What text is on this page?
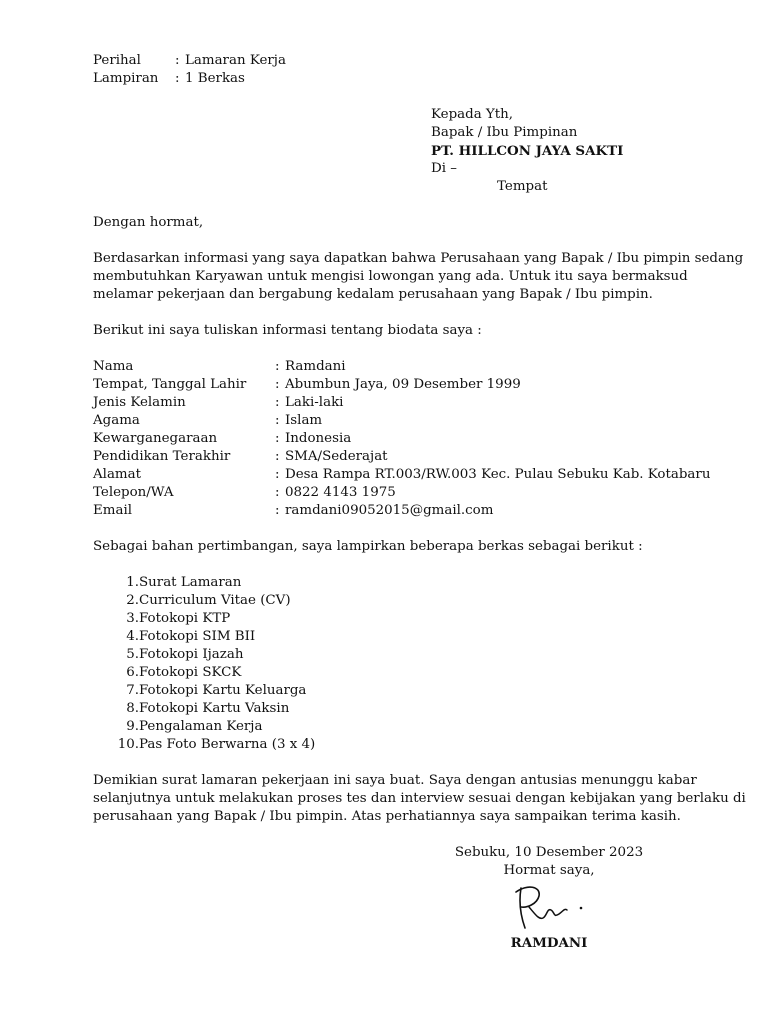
Perihal	: Lamaran Kerja
Lampiran : 1 Berkas
Kepada Yth,
Bapak / Ibu Pimpinan
PT. HILLCON JAYA SAKTI
Di –
Tempat
Dengan hormat,
Berdasarkan informasi yang saya dapatkan bahwa Perusahaan yang Bapak / Ibu pimpin sedang
membutuhkan Karyawan untuk mengisi lowongan yang ada. Untuk itu saya bermaksud
melamar pekerjaan dan bergabung kedalam perusahaan yang Bapak / Ibu pimpin.
Berikut ini saya tuliskan informasi tentang biodata saya :
Nama	: Ramdani
Tempat, Tanggal Lahir : Abumbun Jaya, 09 Desember 1999
Jenis Kelamin	: Laki-laki
Agama	: Islam
Kewarganegaraan	: Indonesia
Pendidikan Terakhir	: SMA/Sederajat
Alamat	: Desa Rampa RT.003/RW.003 Kec. Pulau Sebuku Kab. Kotabaru
Telepon/WA	: 0822 4143 1975
Email	: ramdani09052015@gmail.com
Sebagai bahan pertimbangan, saya lampirkan beberapa berkas sebagai berikut :
1. Surat Lamaran
2. Curriculum Vitae (CV)
3. Fotokopi KTP
4. Fotokopi SIM BII
5. Fotokopi Ijazah
6. Fotokopi SKCK
7. Fotokopi Kartu Keluarga
8. Fotokopi Kartu Vaksin
9. Pengalaman Kerja
10. Pas Foto Berwarna (3 x 4)
Demikian surat lamaran pekerjaan ini saya buat. Saya dengan antusias menunggu kabar
selanjutnya untuk melakukan proses tes dan interview sesuai dengan kebijakan yang berlaku di
perusahaan yang Bapak / Ibu pimpin. Atas perhatiannya saya sampaikan terima kasih.
Sebuku, 10 Desember 2023
Hormat saya,
RAMDANI
